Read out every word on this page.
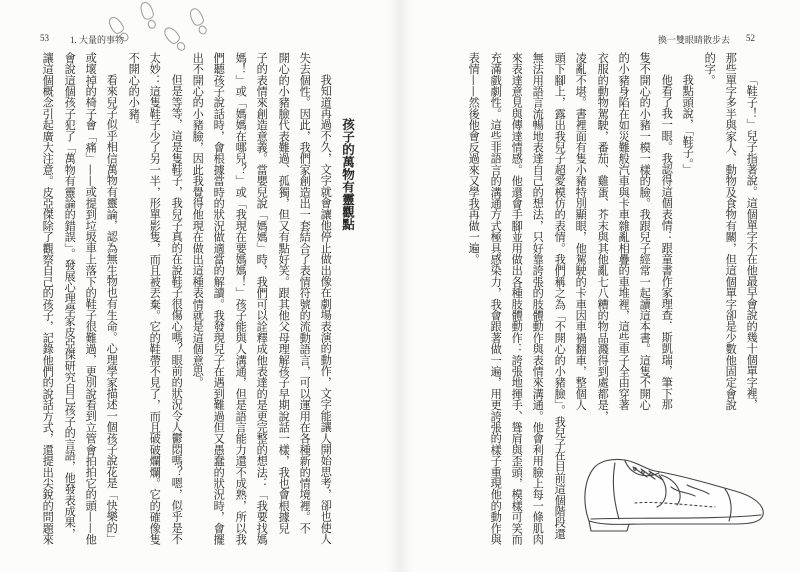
53 1. 大量的事物
孩子的萬物有靈觀點
我知道再過不久，文字就會讓他停止做出像在劇場表演的動作，文字能讓人開始思考，卻也使人
失去個性。因此，我們家創造出一套結合了表情符號的流動語言，可以運用在各種新的情境裡。不
開心的小豬臉代表難過、孤獨，但又有點好笑。跟其他父母理解孩子早期說話一樣，我也會根據兒
子的表情來創造意義。當嬰兒說「媽媽」時，我們可以詮釋成他表達的是更完整的想法：「我要找媽
媽！」或「媽媽在哪兒？」或「我現在要媽媽！」孩子能與人溝通，但是語言能力還不成熟，所以我
們聽孩子說話時，會根據當時的狀況做適當的解讀。我發現兒子在遇到難過但又愚蠢的狀況時，會擺
出不開心的小豬臉，因此我覺得他現在做出這種表情就是這個意思。
但是等等，這是隻鞋子，我兒子真的在說鞋子很傷心嗎？眼前的狀況令人鬱悶嗎？嗯，似乎是不
太妙：這隻鞋子少了另一半，形單影隻，而且被丟棄。它的鞋帶不見了，而且破破爛爛。它的確像隻
不開心的小豬。
看來兒子似乎相信萬物有靈論，認為無生物也有生命。心理學家描述一個孩子說花是「快樂的」
或壞掉的椅子會「痛」——或提到垃圾車上落下的鞋子很難過，更別說看到立管會拍拍它的頭——他
會說這個孩子犯了「萬物有靈論的錯誤」。發展心理學家皮亞傑研究自己孩子的言語，他發表成果，
讓這個概念引起廣大注意。皮亞傑除了觀察自己的孩子，記錄他們的說話方式，還提出尖銳的問題來
換一雙眼睛散步去 52
「鞋子！」兒子指著說。這個單字不在他最早會說的幾十個單字裡，
那些單字多半與家人、動物及食物有關，但這個單字卻是少數他固定會說
的字。
我點頭說，「鞋子。」
他看了我一眼。我認得這個表情：跟童書作家理查．斯凱瑞，筆下那
隻不開心的小豬一模一樣的臉。我跟兒子經常一起讀這本書。這隻不開心
的小豬身陷在如災難般汽車與卡車雜亂相疊的車堆裡，這些車子全由穿著
衣服的動物駕駛，番茄、雞蛋、芥末與其他亂七八糟的物品濺得到處都是，
凌亂不堪。書裡面有隻小豬特別顯眼，他駕駛的卡車因車禍翻車，整個人
頭下腳上，露出我兒子超愛模仿的表情。我們稱之為「不開心的小豬臉」。我兒子在目前這個階段還
無法用語言流暢地表達自己的想法，只好靠誇張的肢體動作與表情來溝通。他會利用臉上每一條肌肉
來表達意見與傳達情感。他還會手腳並用做出各種肢體動作：誇張地揮手、聳肩與歪頭，模樣可笑而
充滿戲劇性。這些非語言的溝通方式極具感染力，我會跟著做一遍，用更誇張的樣子重現他的動作與
表情——然後他會反過來又學我再做一遍。
